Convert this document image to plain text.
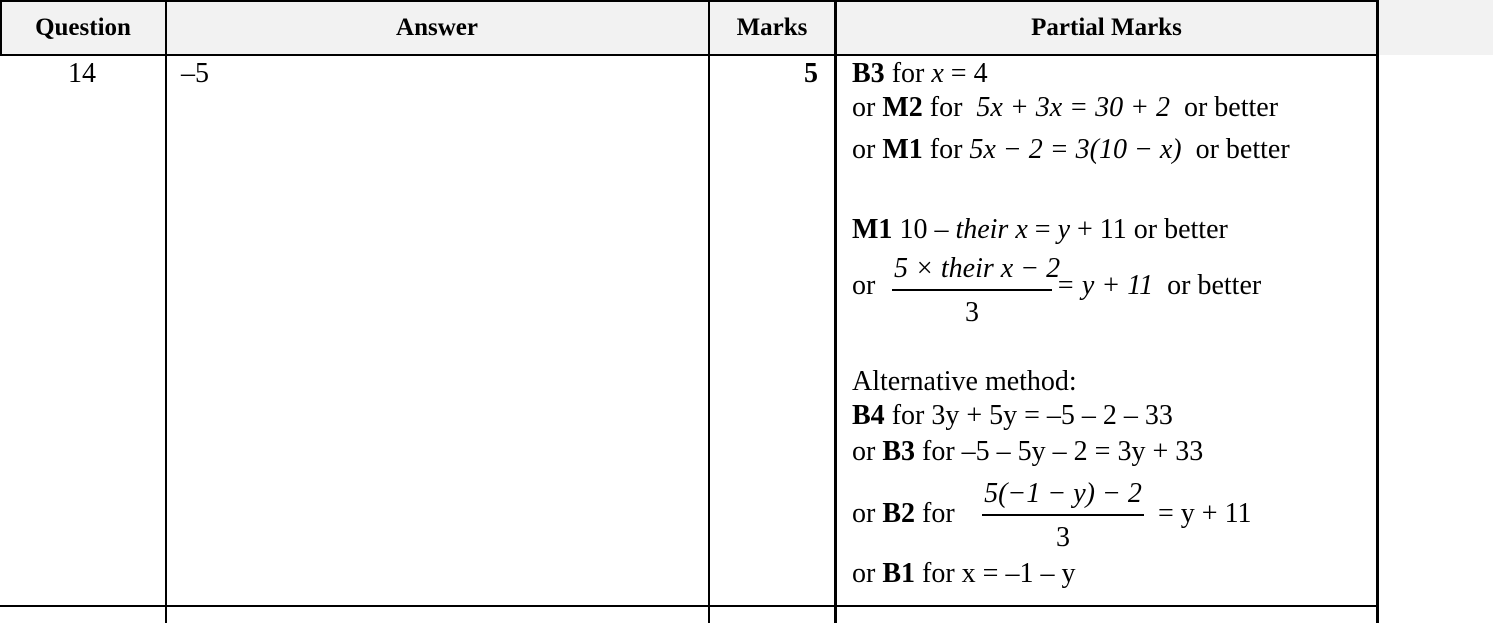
Question	Answer	Marks	Partial Marks
14	–5	5 B3 for x = 4
or M2 for 5x + 3x = 30 + 2 or better
or M1 for 5x − 2 = 3(10 − x) or better
M1 10 – their x = y + 11 or better
or
5 × their x − 2
3
= y + 11 or better
Alternative method:
B4 for 3y + 5y = –5 – 2 – 33
or B3 for –5 – 5y – 2 = 3y + 33
or B2 for
5(−1 − y) − 2
3
= y + 11
or B1 for x = –1 – y
